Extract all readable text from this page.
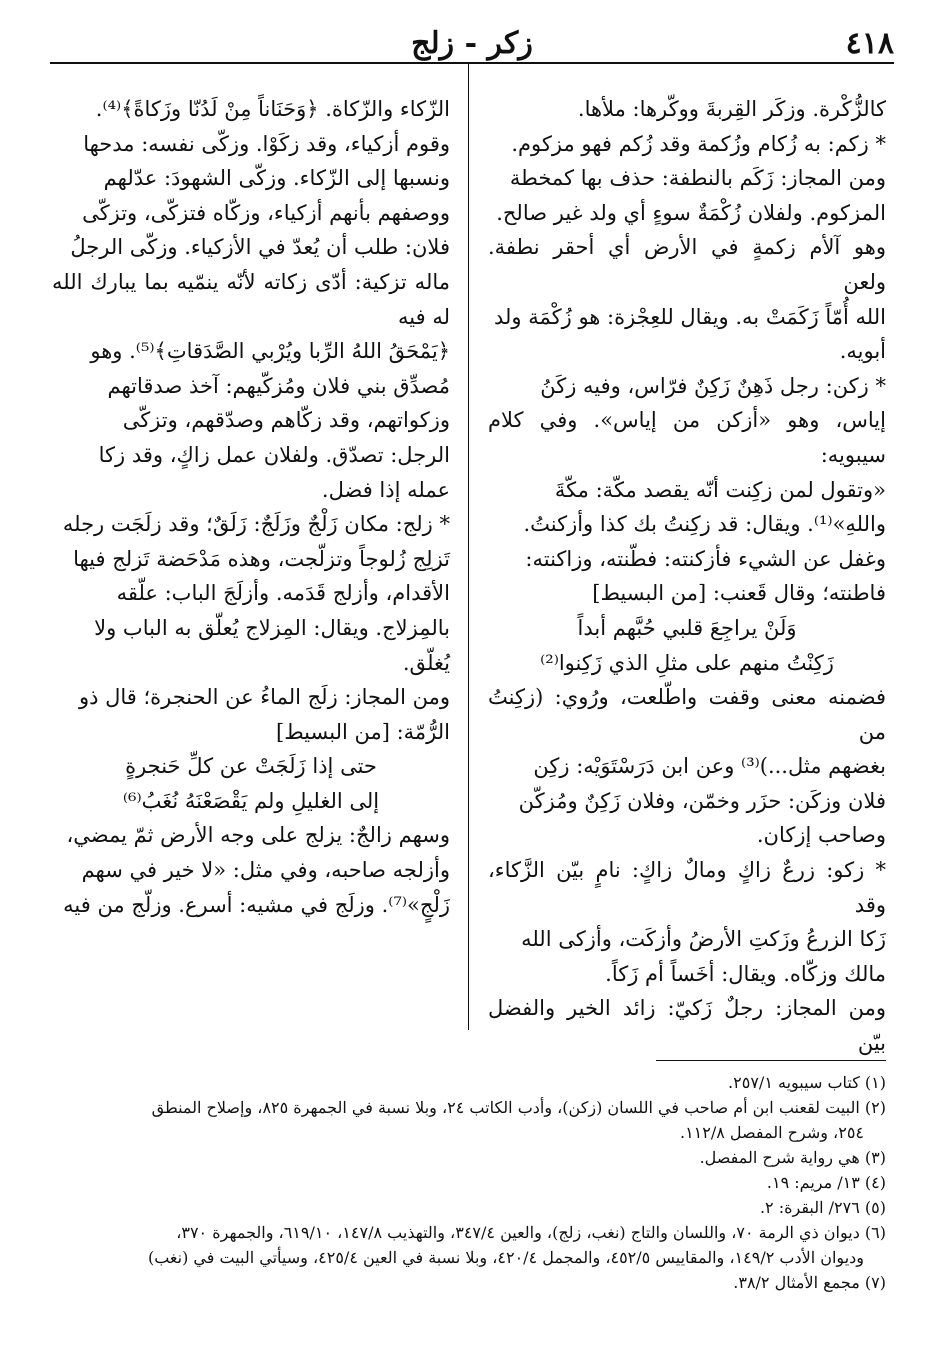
٤١٨
زكر - زلج

كالزُّكْرة. وزكَر القِربةَ ووكّرها: ملأها.

* زكم: به زُكام وزُكمة وقد زُكم فهو مزكوم.

ومن المجاز: زَكَم بالنطفة: حذف بها كمخطة

المزكوم. ولفلان زُكْمَةٌ سوءٍ أي ولد غير صالح.

وهو آلأم زكمةٍ في الأرض أي أحقر نطفة. ولعن

الله أُمّاً زَكَمَتْ به. ويقال للعِجْزة: هو زُكْمَة ولد

أبويه.

* زكن: رجل ذَهِنٌ زَكِنٌ فرّاس، وفيه زكَنُ

إياس، وهو «أزكن من إياس». وفي كلام سيبويه:

«وتقول لمن زكِنت أنّه يقصد مكّة: مكّةَ

واللهِ»⁽¹⁾. ويقال: قد زكِنتُ بك كذا وأزكنتُ.

وغفل عن الشيء فأزكنته: فطّنته، وزاكنته:

فاطنته؛ وقال قَعنب: [من البسيط]

وَلَنْ يراجِعَ قلبي حُبَّهم أبداً

زَكِنْتُ منهم على مثلِ الذي زَكِنوا⁽²⁾

فضمنه معنى وقفت واطّلعت، ورُوي: (زكِنتُ من

بغضهم مثل...)⁽³⁾ وعن ابن دَرَسْتَوَيْه: زكِن

فلان وزكَن: حزَر وخمّن، وفلان زَكِنٌ ومُزكّن

وصاحب إزكان.

* زكو: زرعٌ زاكٍ ومالٌ زاكٍ: نامٍ بيّن الزَّكاء، وقد

زَكا الزرعُ وزَكتِ الأرضُ وأزكَت، وأزكى الله

مالك وزكّاه. ويقال: أخَساً أم زَكاً.

ومن المجاز: رجلٌ زَكيّ: زائد الخير والفضل بيّن

الزّكاء والزّكاة. ﴿وَحَنَاناً مِنْ لَدُنّا وزَكاةً﴾⁽⁴⁾.

وقوم أزكياء، وقد زكَوْا. وزكّى نفسه: مدحها

ونسبها إلى الزّكاء. وزكّى الشهودَ: عدّلهم

ووصفهم بأنهم أزكياء، وزكّاه فتزكّى، وتزكّى

فلان: طلب أن يُعدّ في الأزكياء. وزكّى الرجلُ

ماله تزكية: أدّى زكاته لأنّه ينمّيه بما يبارك الله له فيه

﴿يَمْحَقُ اللهُ الرِّبا ويُرْبي الصَّدَقاتِ﴾⁽⁵⁾. وهو

مُصدِّق بني فلان ومُزكّيهم: آخذ صدقاتهم

وزكواتهم، وقد زكّاهم وصدّقهم، وتزكّى

الرجل: تصدّق. ولفلان عمل زاكٍ، وقد زكا

عمله إذا فضل.

* زلج: مكان زَلْجٌ وزَلَجٌ: زَلَقٌ؛ وقد زلَجَت رجله

تَزلِج زُلوجاً وتزلّجت، وهذه مَدْحَضة تَزلج فيها

الأقدام، وأزلج قَدَمه. وأزلَجَ الباب: علّقه

بالمِزلاج. ويقال: المِزلاج يُعلّق به الباب ولا

يُغلّق.

ومن المجاز: زلَج الماءُ عن الحنجرة؛ قال ذو

الرُّمّة: [من البسيط]

حتى إذا زَلَجَتْ عن كلِّ حَنجرةٍ

إلى الغليلِ ولم يَقْصَعْنَهُ نُغَبُ⁽⁶⁾

وسهم زالجٌ: يزلج على وجه الأرض ثمّ يمضي،

وأزلجه صاحبه، وفي مثل: «لا خير في سهم

زَلْجٍ»⁽⁷⁾. وزلَج في مشيه: أسرع. وزلّج من فيه

(١) كتاب سيبويه ٢٥٧/١.

(٢) البيت لقعنب ابن أم صاحب في اللسان (زكن)، وأدب الكاتب ٢٤، وبلا نسبة في الجمهرة ٨٢٥، وإصلاح المنطق

٢٥٤، وشرح المفصل ١١٢/٨.

(٣) هي رواية شرح المفصل.

(٤) ١٣/ مريم: ١٩.

(٥) ٢٧٦/ البقرة: ٢.

(٦) ديوان ذي الرمة ٧٠، واللسان والتاج (نغب، زلج)، والعين ٣٤٧/٤، والتهذيب ١٤٧/٨، ٦١٩/١٠، والجمهرة ٣٧٠،

وديوان الأدب ١٤٩/٢، والمقاييس ٤٥٢/٥، والمجمل ٤٢٠/٤، وبلا نسبة في العين ٤٢٥/٤، وسيأتي البيت في (نغب)

(٧) مجمع الأمثال ٣٨/٢.
